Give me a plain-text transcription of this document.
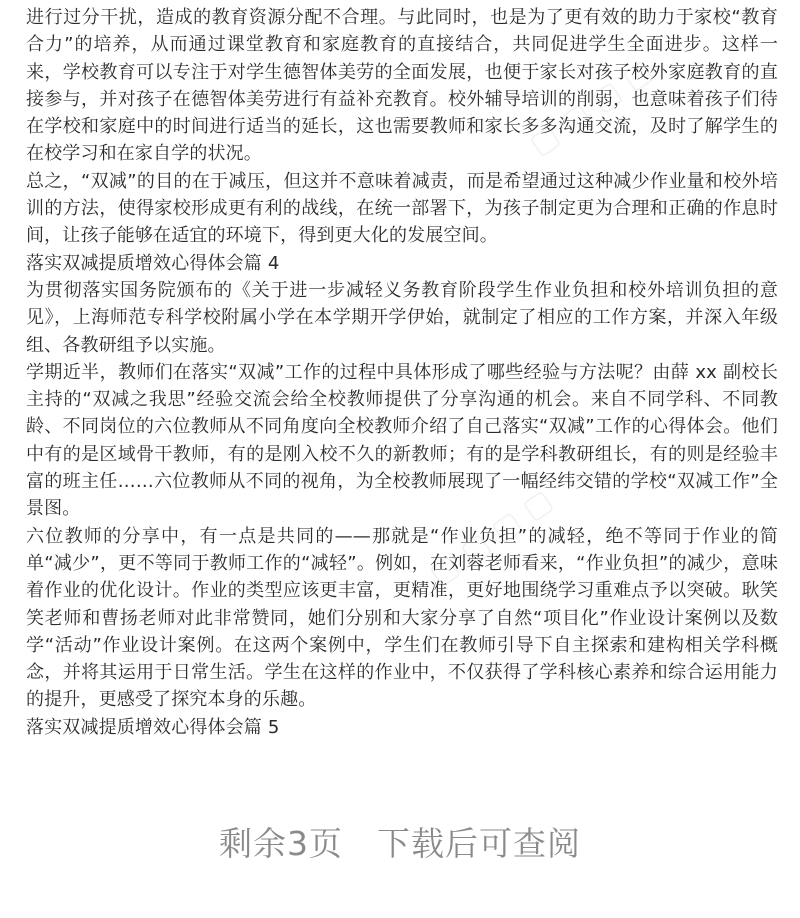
▢ ▢ ▢ ▢
▢ ▢ ▢ ▢

进行过分干扰，造成的教育资源分配不合理。与此同时，也是为了更有效的助力于家校“教育合力”的培养，从而通过课堂教育和家庭教育的直接结合，共同促进学生全面进步。这样一来，学校教育可以专注于对学生德智体美劳的全面发展，也便于家长对孩子校外家庭教育的直接参与，并对孩子在德智体美劳进行有益补充教育。校外辅导培训的削弱，也意味着孩子们待在学校和家庭中的时间进行适当的延长，这也需要教师和家长多多沟通交流，及时了解学生的在校学习和在家自学的状况。

总之，“双减”的目的在于减压，但这并不意味着减责，而是希望通过这种减少作业量和校外培训的方法，使得家校形成更有利的战线，在统一部署下，为孩子制定更为合理和正确的作息时间，让孩子能够在适宜的环境下，得到更大化的发展空间。

落实双减提质增效心得体会篇 4

为贯彻落实国务院颁布的《关于进一步减轻义务教育阶段学生作业负担和校外培训负担的意见》，上海师范专科学校附属小学在本学期开学伊始，就制定了相应的工作方案，并深入年级组、各教研组予以实施。

学期近半，教师们在落实“双减”工作的过程中具体形成了哪些经验与方法呢？由薛 xx 副校长主持的“双减之我思”经验交流会给全校教师提供了分享沟通的机会。来自不同学科、不同教龄、不同岗位的六位教师从不同角度向全校教师介绍了自己落实“双减”工作的心得体会。他们中有的是区域骨干教师，有的是刚入校不久的新教师；有的是学科教研组长，有的则是经验丰富的班主任……六位教师从不同的视角，为全校教师展现了一幅经纬交错的学校“双减工作”全景图。

六位教师的分享中，有一点是共同的——那就是“作业负担”的减轻，绝不等同于作业的简单“减少”，更不等同于教师工作的“减轻”。例如，在刘蓉老师看来，“作业负担”的减少，意味着作业的优化设计。作业的类型应该更丰富，更精准，更好地围绕学习重难点予以突破。耿笑笑老师和曹扬老师对此非常赞同，她们分别和大家分享了自然“项目化”作业设计案例以及数学“活动”作业设计案例。在这两个案例中，学生们在教师引导下自主探索和建构相关学科概念，并将其运用于日常生活。学生在这样的作业中，不仅获得了学科核心素养和综合运用能力的提升，更感受了探究本身的乐趣。

落实双减提质增效心得体会篇 5

剩余3页　下载后可查阅
